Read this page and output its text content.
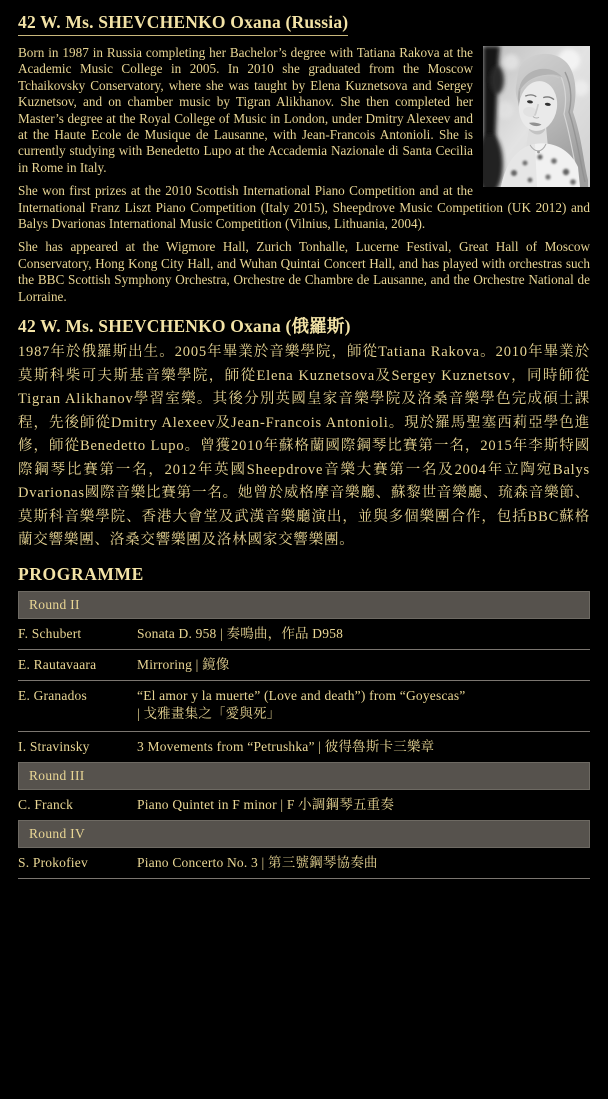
42 W. Ms. SHEVCHENKO Oxana (Russia)

Born in 1987 in Russia completing her Bachelor’s degree with Tatiana Rakova at the Academic Music College in 2005. In 2010 she graduated from the Moscow Tchaikovsky Conservatory, where she was taught by Elena Kuznetsova and Sergey Kuznetsov, and on chamber music by Tigran Alikhanov. She then completed her Master’s degree at the Royal College of Music in London, under Dmitry Alexeev and at the Haute Ecole de Musique de Lausanne, with Jean-Francois Antonioli. She is currently studying with Benedetto Lupo at the Accademia Nazionale di Santa Cecilia in Rome in Italy.

She won first prizes at the 2010 Scottish International Piano Competition and at the International Franz Liszt Piano Competition (Italy 2015), Sheepdrove Music Competition (UK 2012) and Balys Dvarionas International Music Competition (Vilnius, Lithuania, 2004).

She has appeared at the Wigmore Hall, Zurich Tonhalle, Lucerne Festival, Great Hall of Moscow Conservatory, Hong Kong City Hall, and Wuhan Quintai Concert Hall, and has played with orchestras such the BBC Scottish Symphony Orchestra, Orchestre de Chambre de Lausanne, and the Orchestre National de Lorraine.

42 W. Ms. SHEVCHENKO Oxana (俄羅斯)
1987年於俄羅斯出生。2005年畢業於音樂學院，師從Tatiana Rakova。2010年畢業於莫斯科柴可夫斯基音樂學院，師從Elena Kuznetsova及Sergey Kuznetsov，同時師從Tigran Alikhanov學習室樂。其後分別英國皇家音樂學院及洛桑音樂學色完成碩士課程，先後師從Dmitry Alexeev及Jean-Francois Antonioli。現於羅馬聖塞西莉亞學色進修，師從Benedetto Lupo。曾獲2010年蘇格蘭國際鋼琴比賽第一名，2015年李斯特國際鋼琴比賽第一名，2012年英國Sheepdrove音樂大賽第一名及2004年立陶宛Balys Dvarionas國際音樂比賽第一名。她曾於威格摩音樂廳、蘇黎世音樂廳、琉森音樂節、莫斯科音樂學院、香港大會堂及武漢音樂廳演出，並與多個樂團合作，包括BBC蘇格蘭交響樂團、洛桑交響樂團及洛林國家交響樂團。
PROGRAMME
Round II
F. Schubert	Sonata D. 958 | 奏鳴曲，作品 D958
E. Rautavaara	Mirroring | 鏡像
E. Granados	“El amor y la muerte” (Love and death”) from “Goyescas”
| 戈雅畫集之「愛與死」
I. Stravinsky	3 Movements from “Petrushka” | 彼得魯斯卡三樂章
Round III
C. Franck	Piano Quintet in F minor | F 小調鋼琴五重奏
Round IV
S. Prokofiev	Piano Concerto No. 3 | 第三號鋼琴協奏曲
